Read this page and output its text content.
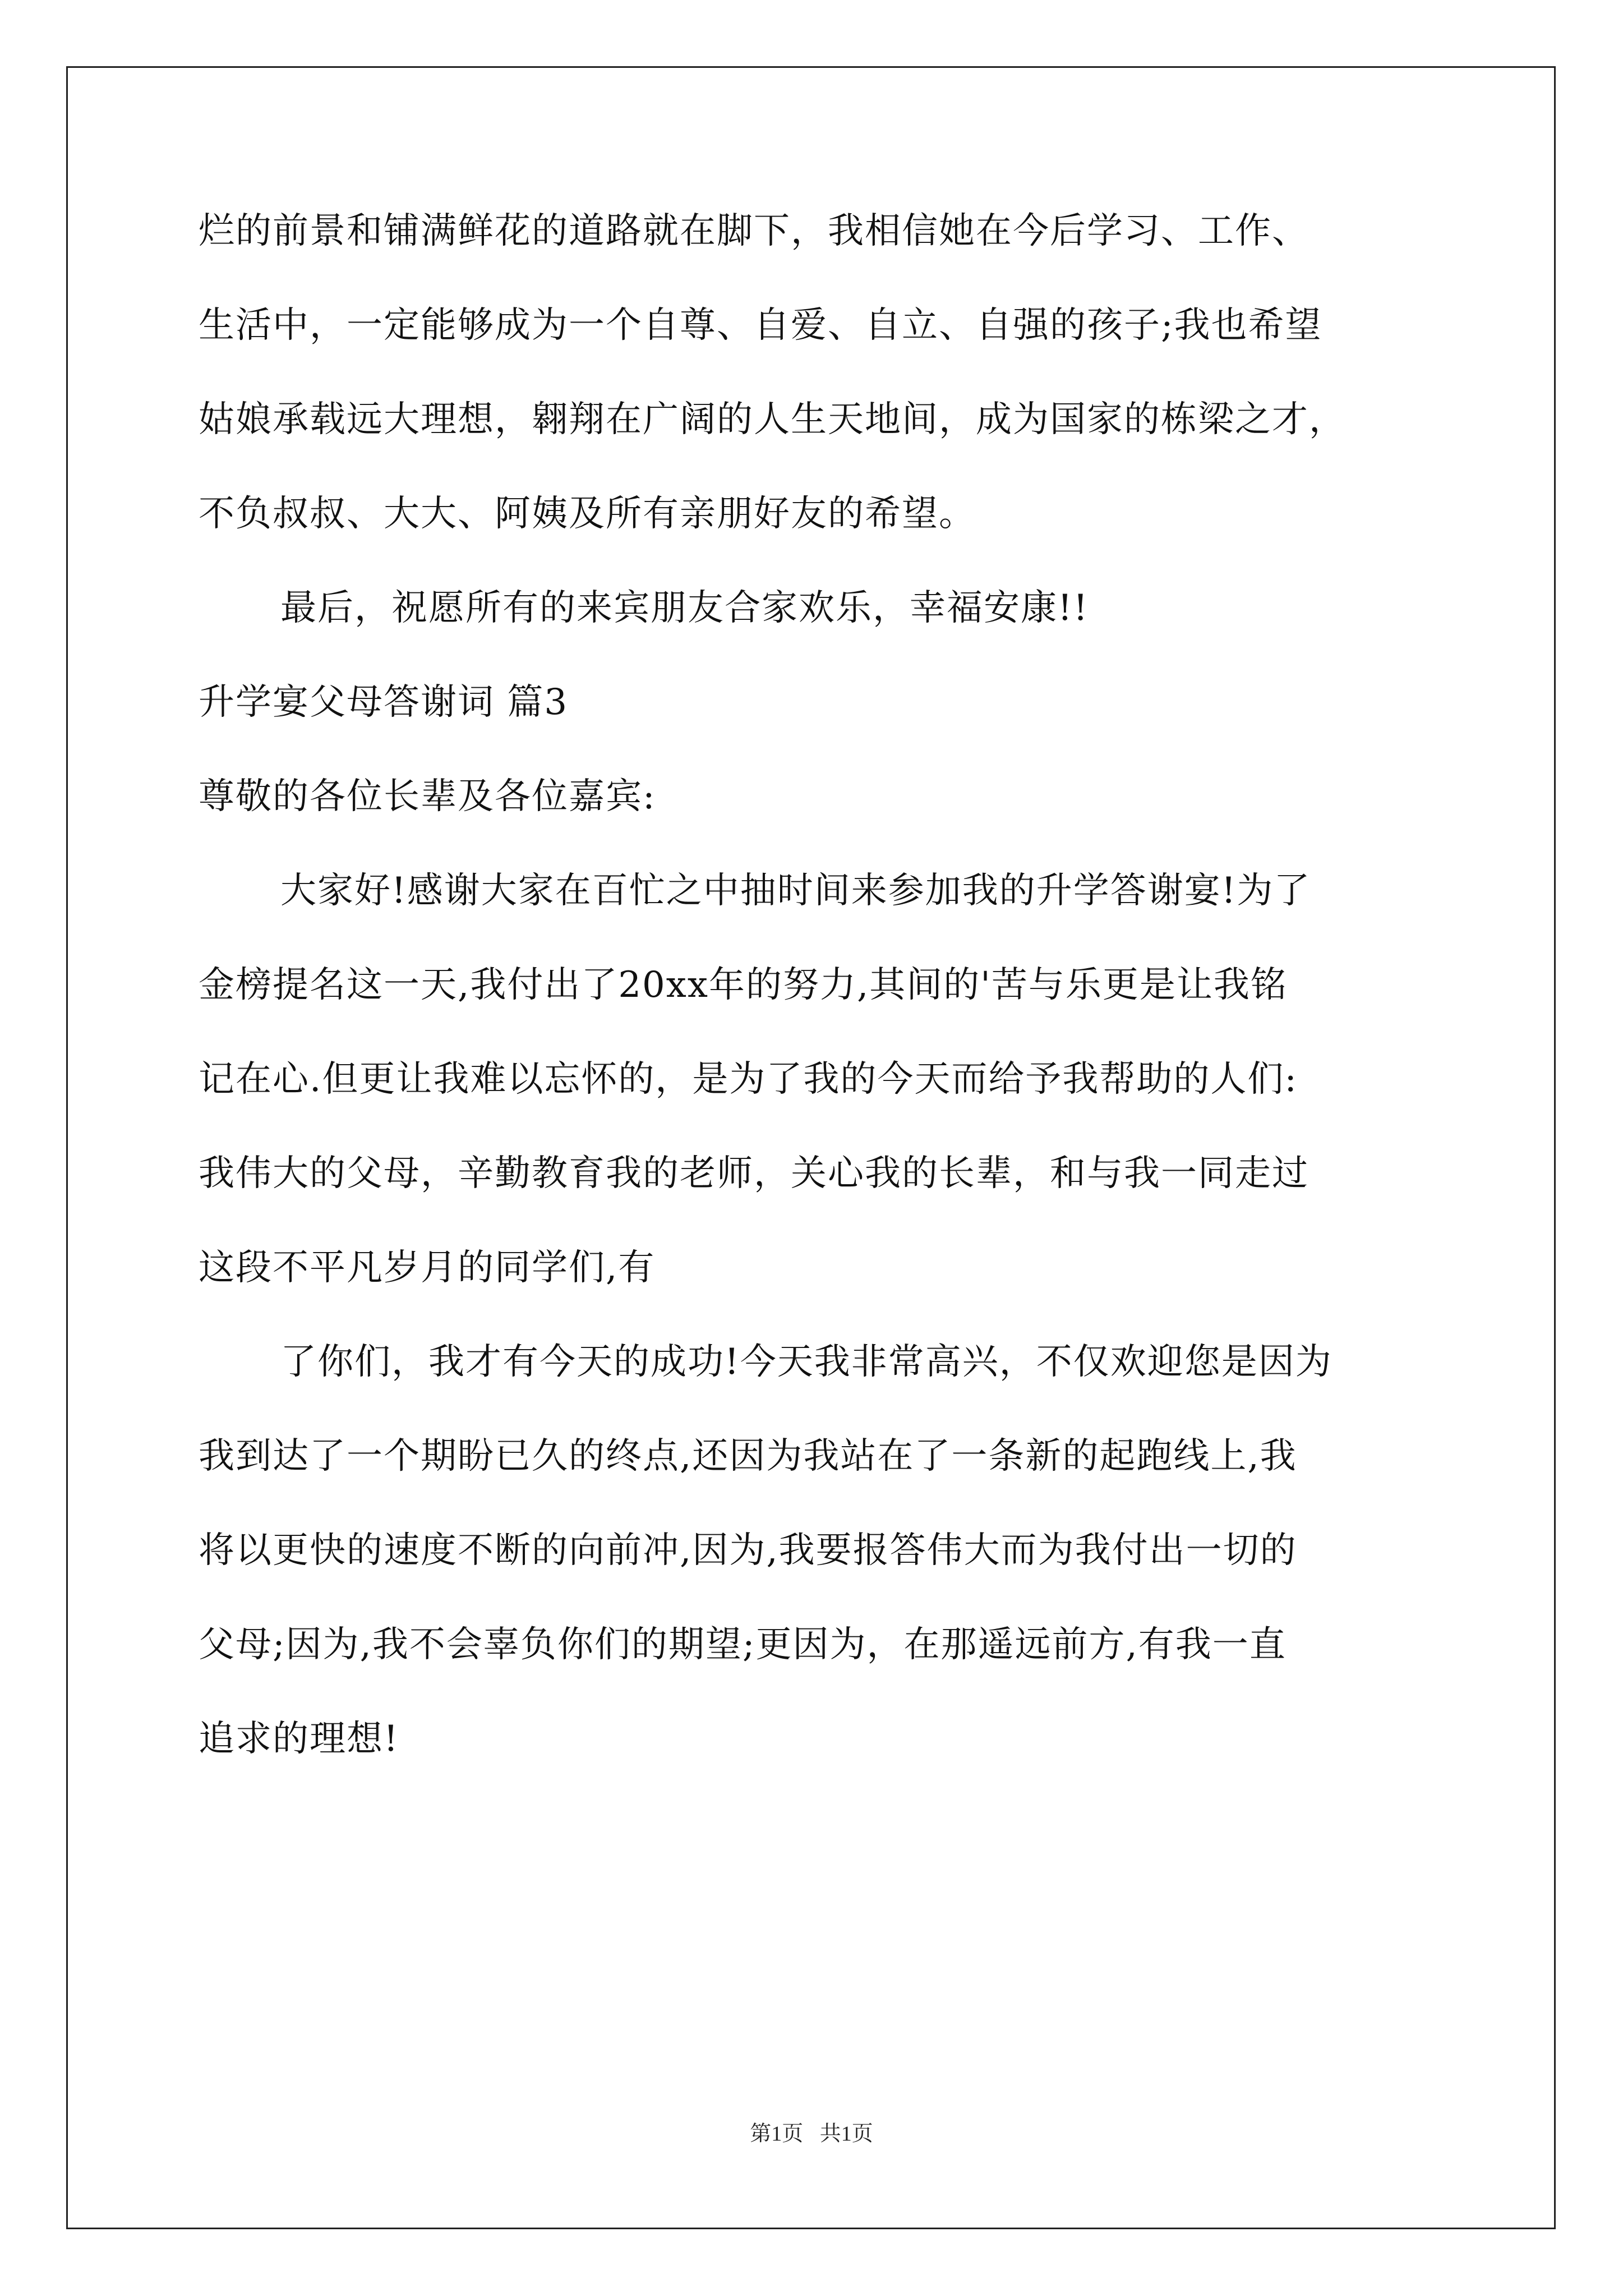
烂的前景和铺满鲜花的道路就在脚下，我相信她在今后学习、工作、
生活中，一定能够成为一个自尊、自爱、自立、自强的孩子;我也希望
姑娘承载远大理想，翱翔在广阔的人生天地间，成为国家的栋梁之才，
不负叔叔、大大、阿姨及所有亲朋好友的希望。
最后，祝愿所有的来宾朋友合家欢乐，幸福安康!!
升学宴父母答谢词 篇3
尊敬的各位长辈及各位嘉宾:
大家好!感谢大家在百忙之中抽时间来参加我的升学答谢宴!为了
金榜提名这一天,我付出了20xx年的努力,其间的'苦与乐更是让我铭
记在心.但更让我难以忘怀的，是为了我的今天而给予我帮助的人们:
我伟大的父母，辛勤教育我的老师，关心我的长辈，和与我一同走过
这段不平凡岁月的同学们,有
了你们，我才有今天的成功!今天我非常高兴，不仅欢迎您是因为
我到达了一个期盼已久的终点,还因为我站在了一条新的起跑线上,我
将以更快的速度不断的向前冲,因为,我要报答伟大而为我付出一切的
父母;因为,我不会辜负你们的期望;更因为，在那遥远前方,有我一直
追求的理想!
第1页 共1页
